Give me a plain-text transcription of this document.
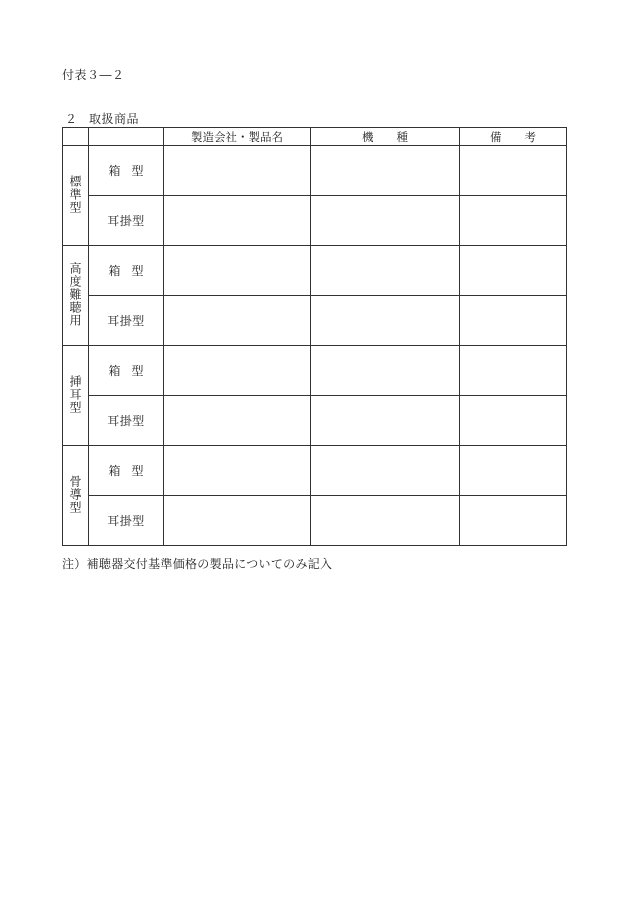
付表３―２
２ 取扱商品
		製造会社・製品名	機　　種	備　　考
標準型	箱型			
	耳掛型			
高度難聴用	箱型			
	耳掛型			
挿耳型	箱型			
	耳掛型			
骨導型	箱型			
	耳掛型			
注）補聴器交付基準価格の製品についてのみ記入
